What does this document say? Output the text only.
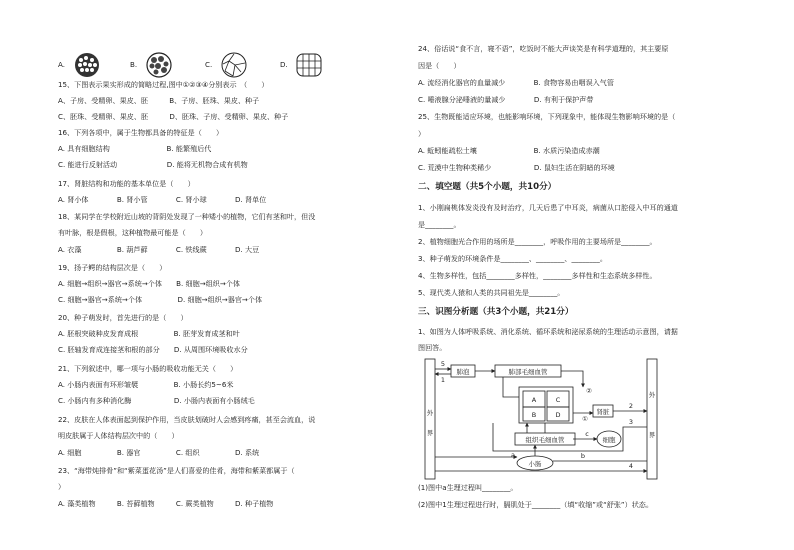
A.	B.	C.	D.
15、下图表示果实形成的简略过程,图中①②③④分别表示　（　　）
A、子房、受精卵、果皮、胚　　　B、子房、胚珠、果皮、种子
C、胚珠、受精卵、果皮、胚　　　D、胚珠、子房、受精卵、果皮、种子
16、下列各项中，属于生物都具备的特征是（　　）
A. 具有细胞结构　　　　　　　　B. 能繁殖后代
C. 能进行反射活动　　　　　　　D. 能将无机物合成有机物
17、肾脏结构和功能的基本单位是（　　）
A. 肾小体　　　　B. 肾小管　　　　C. 肾小球　　　　D. 肾单位
18、某同学在学校附近山坡的背阴处发现了一种矮小的植物，它们有茎和叶，但没
有叶脉，根是假根，这种植物最可能是（　　）
A. 衣藻　　　　　B. 葫芦藓　　　　C. 铁线蕨　　　　D. 大豆
19、扬子鳄的结构层次是（　　）
A. 细胞→组织→器官→系统→个体　　B. 细胞→组织→个体
C. 细胞→器官→系统→个体　　　　　D. 细胞→组织→器官→个体
20、种子萌发时，首先进行的是（　　）
A. 胚根突破种皮发育成根　　　　　B. 胚芽发育成茎和叶
C. 胚轴发育成连接茎和根的部分　　D. 从周围环境吸收水分
21、下列叙述中，哪一项与小肠的吸收功能无关（　　）
A. 小肠内表面有环形皱襞　　　　　B. 小肠长约5~6米
C. 小肠内有多种消化酶　　　　　　D. 小肠内表面有小肠绒毛
22、皮肤在人体表面起到保护作用，当皮肤划破时人会感到疼痛，甚至会流血，说
明皮肤属于人体结构层次中的（　　）
A. 细胞　　　　　B. 器官　　　　　C. 组织　　　　　D. 系统
23、“海带炖排骨”和“紫菜蛋花汤”是人们喜爱的佳肴，海带和紫菜都属于（
）
A. 藻类植物　　　B. 苔藓植物　　　C. 蕨类植物　　　D. 种子植物
24、俗话说“食不言，寝不语”，吃饭时不能大声谈笑是有科学道理的，其主要原
因是（　　）
A. 流经消化器官的血量减少　　　　B. 食物容易由咽误入气管
C. 唾液腺分泌唾液的量减少　　　　D. 有利于保护声带
25、生物既能适应环境，也能影响环境，下列现象中，能体现生物影响环境的是（
）
A. 蚯蚓能疏松土壤　　　　　　　　B. 水质污染造成赤潮
C. 荒漠中生物种类稀少　　　　　　D. 鼠妇生活在阴暗的环境
二、填空题（共5个小题，共10分）
1、小刚扁桃体发炎没有及时治疗，几天后患了中耳炎，病菌从口腔侵入中耳的通道
是________。
2、植物细胞光合作用的场所是________，呼吸作用的主要场所是________。
3、种子萌发的环境条件是________、________、________。
4、生物多样性，包括________多样性，________多样性和生态系统多样性。
5、现代类人猿和人类的共同祖先是________。
三、识图分析题（共3个小题，共21分）
1、如图为人体呼吸系统、消化系统、循环系统和泌尿系统的生理活动示意图，请据
图回答。
(1)图中a生理过程叫________。
(2)图中1生理过程进行时，膈肌处于________（填“收缩”或“舒张”）状态。
外
界
外
界
肺泡	肺部毛细血管
A	C
B	D	肾脏
组织毛细血管	细胞
小肠
5
1
2
3
4
②
①
a	b
c
